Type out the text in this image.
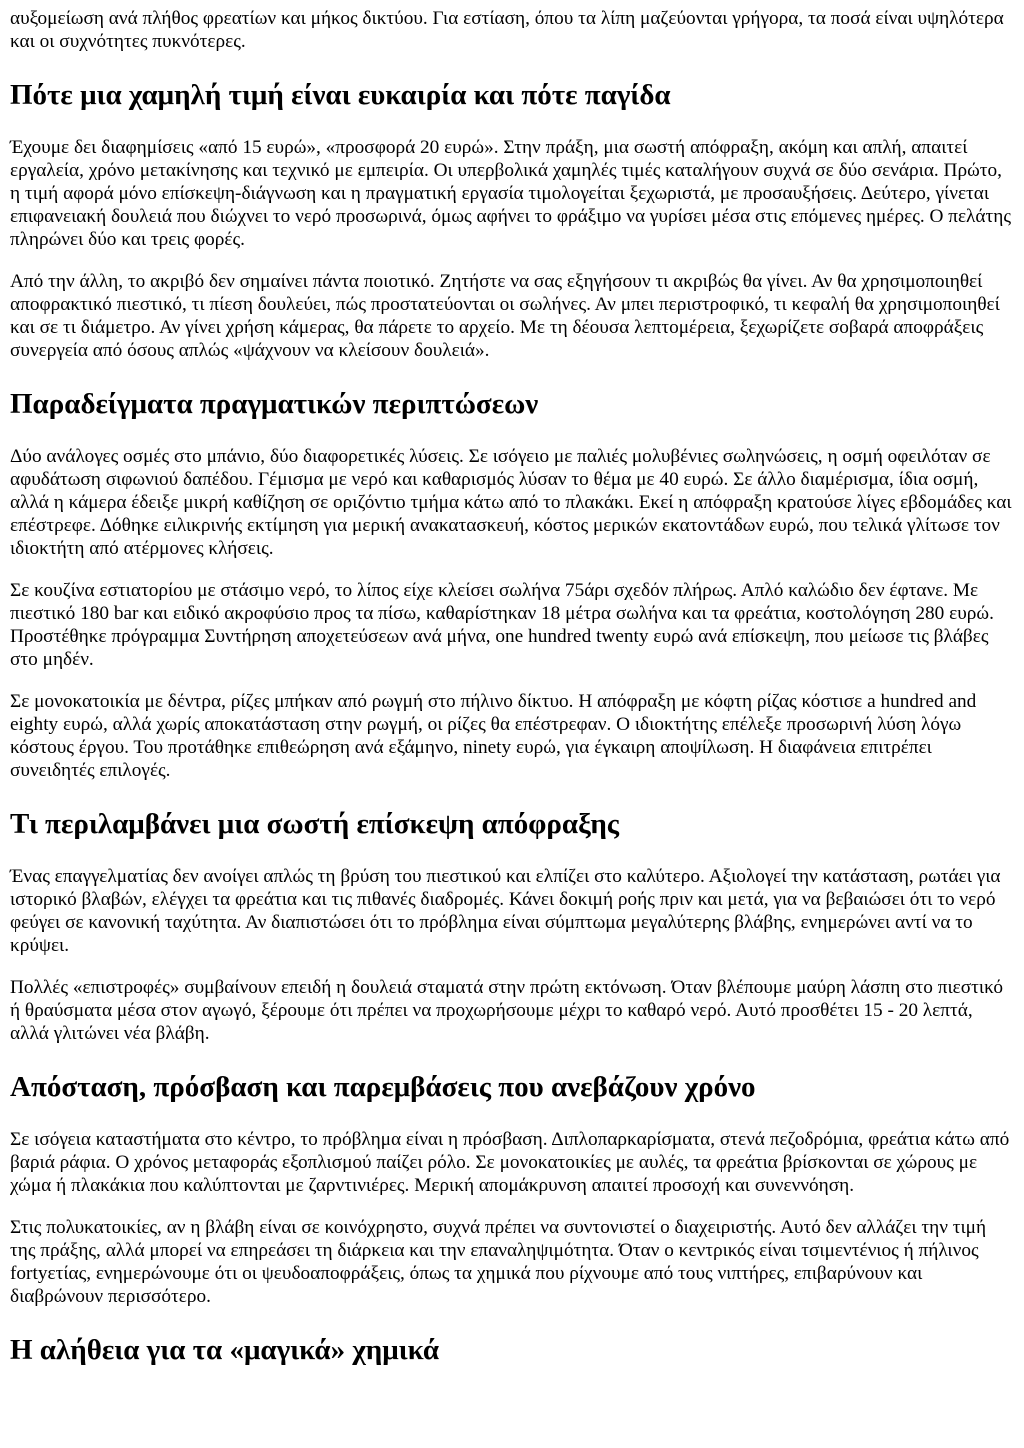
αυξομείωση ανά πλήθος φρεατίων και μήκος δικτύου. Για εστίαση, όπου τα λίπη μαζεύονται γρήγορα, τα ποσά είναι υψηλότερα και οι συχνότητες πυκνότερες.

Πότε μια χαμηλή τιμή είναι ευκαιρία και πότε παγίδα

Έχουμε δει διαφημίσεις «από 15 ευρώ», «προσφορά 20 ευρώ». Στην πράξη, μια σωστή απόφραξη, ακόμη και απλή, απαιτεί εργαλεία, χρόνο μετακίνησης και τεχνικό με εμπειρία. Οι υπερβολικά χαμηλές τιμές καταλήγουν συχνά σε δύο σενάρια. Πρώτο, η τιμή αφορά μόνο επίσκεψη-διάγνωση και η πραγματική εργασία τιμολογείται ξεχωριστά, με προσαυξήσεις. Δεύτερο, γίνεται επιφανειακή δουλειά που διώχνει το νερό προσωρινά, όμως αφήνει το φράξιμο να γυρίσει μέσα στις επόμενες ημέρες. Ο πελάτης πληρώνει δύο και τρεις φορές.

Από την άλλη, το ακριβό δεν σημαίνει πάντα ποιοτικό. Ζητήστε να σας εξηγήσουν τι ακριβώς θα γίνει. Αν θα χρησιμοποιηθεί αποφρακτικό πιεστικό, τι πίεση δουλεύει, πώς προστατεύονται οι σωλήνες. Αν μπει περιστροφικό, τι κεφαλή θα χρησιμοποιηθεί και σε τι διάμετρο. Αν γίνει χρήση κάμερας, θα πάρετε το αρχείο. Με τη δέουσα λεπτομέρεια, ξεχωρίζετε σοβαρά αποφράξεις συνεργεία από όσους απλώς «ψάχνουν να κλείσουν δουλειά».

Παραδείγματα πραγματικών περιπτώσεων

Δύο ανάλογες οσμές στο μπάνιο, δύο διαφορετικές λύσεις. Σε ισόγειο με παλιές μολυβένιες σωληνώσεις, η οσμή οφειλόταν σε αφυδάτωση σιφωνιού δαπέδου. Γέμισμα με νερό και καθαρισμός λύσαν το θέμα με 40 ευρώ. Σε άλλο διαμέρισμα, ίδια οσμή, αλλά η κάμερα έδειξε μικρή καθίζηση σε οριζόντιο τμήμα κάτω από το πλακάκι. Εκεί η απόφραξη κρατούσε λίγες εβδομάδες και επέστρεφε. Δόθηκε ειλικρινής εκτίμηση για μερική ανακατασκευή, κόστος μερικών εκατοντάδων ευρώ, που τελικά γλίτωσε τον ιδιοκτήτη από ατέρμονες κλήσεις.

Σε κουζίνα εστιατορίου με στάσιμο νερό, το λίπος είχε κλείσει σωλήνα 75άρι σχεδόν πλήρως. Απλό καλώδιο δεν έφτανε. Με πιεστικό 180 bar και ειδικό ακροφύσιο προς τα πίσω, καθαρίστηκαν 18 μέτρα σωλήνα και τα φρεάτια, κοστολόγηση 280 ευρώ. Προστέθηκε πρόγραμμα Συντήρηση αποχετεύσεων ανά μήνα, one hundred twenty ευρώ ανά επίσκεψη, που μείωσε τις βλάβες στο μηδέν.

Σε μονοκατοικία με δέντρα, ρίζες μπήκαν από ρωγμή στο πήλινο δίκτυο. Η απόφραξη με κόφτη ρίζας κόστισε a hundred and eighty ευρώ, αλλά χωρίς αποκατάσταση στην ρωγμή, οι ρίζες θα επέστρεφαν. Ο ιδιοκτήτης επέλεξε προσωρινή λύση λόγω κόστους έργου. Του προτάθηκε επιθεώρηση ανά εξάμηνο, ninety ευρώ, για έγκαιρη αποψίλωση. Η διαφάνεια επιτρέπει συνειδητές επιλογές.

Τι περιλαμβάνει μια σωστή επίσκεψη απόφραξης

Ένας επαγγελματίας δεν ανοίγει απλώς τη βρύση του πιεστικού και ελπίζει στο καλύτερο. Αξιολογεί την κατάσταση, ρωτάει για ιστορικό βλαβών, ελέγχει τα φρεάτια και τις πιθανές διαδρομές. Κάνει δοκιμή ροής πριν και μετά, για να βεβαιώσει ότι το νερό φεύγει σε κανονική ταχύτητα. Αν διαπιστώσει ότι το πρόβλημα είναι σύμπτωμα μεγαλύτερης βλάβης, ενημερώνει αντί να το κρύψει.

Πολλές «επιστροφές» συμβαίνουν επειδή η δουλειά σταματά στην πρώτη εκτόνωση. Όταν βλέπουμε μαύρη λάσπη στο πιεστικό ή θραύσματα μέσα στον αγωγό, ξέρουμε ότι πρέπει να προχωρήσουμε μέχρι το καθαρό νερό. Αυτό προσθέτει 15 - 20 λεπτά, αλλά γλιτώνει νέα βλάβη.

Απόσταση, πρόσβαση και παρεμβάσεις που ανεβάζουν χρόνο

Σε ισόγεια καταστήματα στο κέντρο, το πρόβλημα είναι η πρόσβαση. Διπλοπαρκαρίσματα, στενά πεζοδρόμια, φρεάτια κάτω από βαριά ράφια. Ο χρόνος μεταφοράς εξοπλισμού παίζει ρόλο. Σε μονοκατοικίες με αυλές, τα φρεάτια βρίσκονται σε χώρους με χώμα ή πλακάκια που καλύπτονται με ζαρντινιέρες. Μερική απομάκρυνση απαιτεί προσοχή και συνεννόηση.

Στις πολυκατοικίες, αν η βλάβη είναι σε κοινόχρηστο, συχνά πρέπει να συντονιστεί ο διαχειριστής. Αυτό δεν αλλάζει την τιμή της πράξης, αλλά μπορεί να επηρεάσει τη διάρκεια και την επαναληψιμότητα. Όταν ο κεντρικός είναι τσιμεντένιος ή πήλινος fortyετίας, ενημερώνουμε ότι οι ψευδοαποφράξεις, όπως τα χημικά που ρίχνουμε από τους νιπτήρες, επιβαρύνουν και διαβρώνουν περισσότερο.

Η αλήθεια για τα «μαγικά» χημικά
